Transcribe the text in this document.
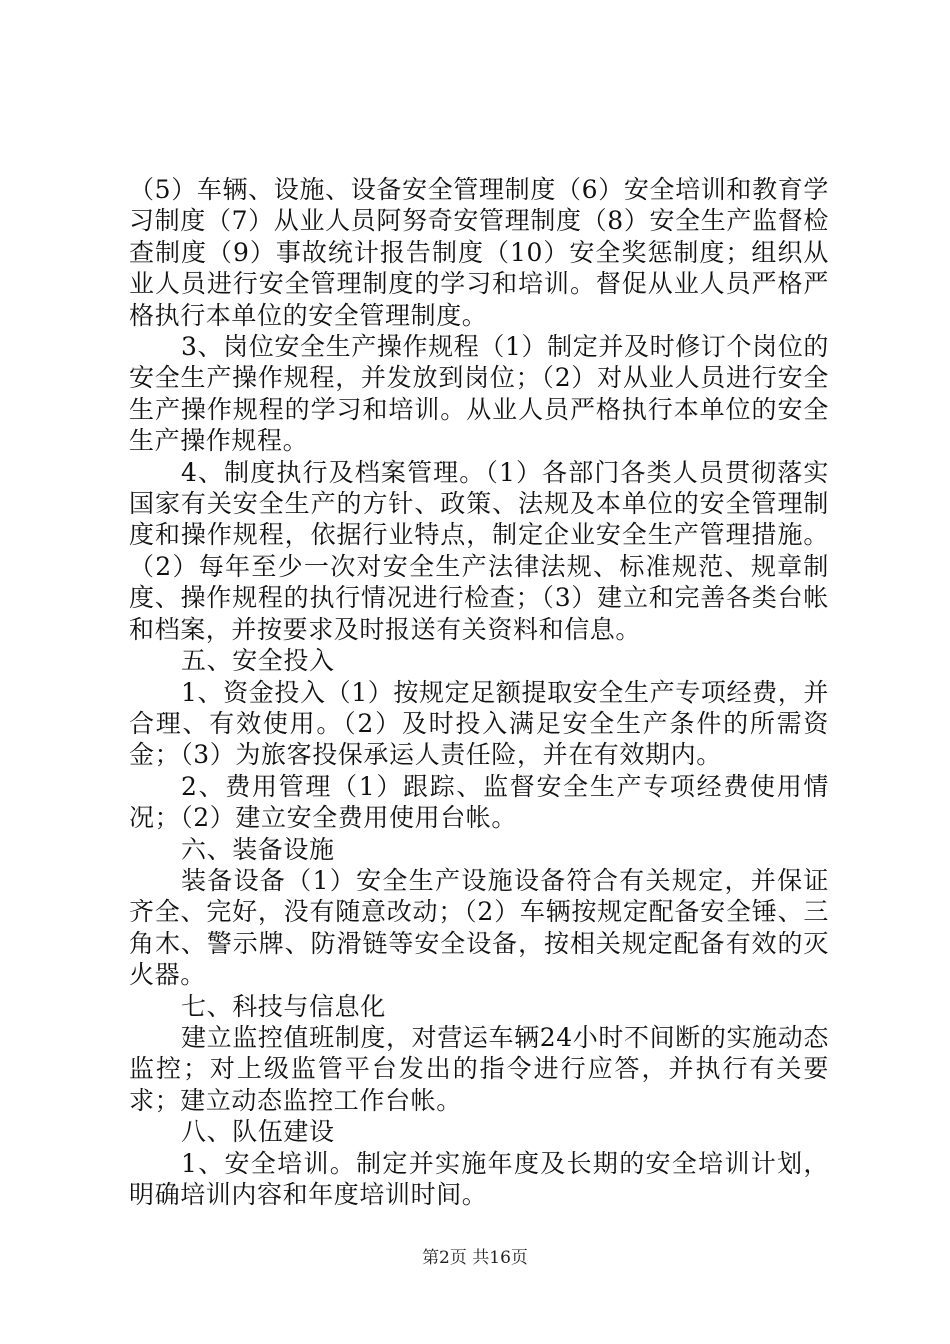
（5）车辆、设施、设备安全管理制度（6）安全培训和教育学习制度（7）从业人员阿努奇安管理制度（8）安全生产监督检查制度（9）事故统计报告制度（10）安全奖惩制度；组织从业人员进行安全管理制度的学习和培训。督促从业人员严格严格执行本单位的安全管理制度。

3、岗位安全生产操作规程（1）制定并及时修订个岗位的安全生产操作规程，并发放到岗位；（2）对从业人员进行安全生产操作规程的学习和培训。从业人员严格执行本单位的安全生产操作规程。

4、制度执行及档案管理。（1）各部门各类人员贯彻落实国家有关安全生产的方针、政策、法规及本单位的安全管理制度和操作规程，依据行业特点，制定企业安全生产管理措施。（2）每年至少一次对安全生产法律法规、标准规范、规章制度、操作规程的执行情况进行检查；（3）建立和完善各类台帐和档案，并按要求及时报送有关资料和信息。

五、安全投入

1、资金投入（1）按规定足额提取安全生产专项经费，并合理、有效使用。（2）及时投入满足安全生产条件的所需资金；（3）为旅客投保承运人责任险，并在有效期内。

2、费用管理（1）跟踪、监督安全生产专项经费使用情况；（2）建立安全费用使用台帐。

六、装备设施

装备设备（1）安全生产设施设备符合有关规定，并保证齐全、完好，没有随意改动；（2）车辆按规定配备安全锤、三角木、警示牌、防滑链等安全设备，按相关规定配备有效的灭火器。

七、科技与信息化

建立监控值班制度，对营运车辆24小时不间断的实施动态监控；对上级监管平台发出的指令进行应答，并执行有关要求；建立动态监控工作台帐。

八、队伍建设

1、安全培训。制定并实施年度及长期的安全培训计划，明确培训内容和年度培训时间。

第2页 共16页
